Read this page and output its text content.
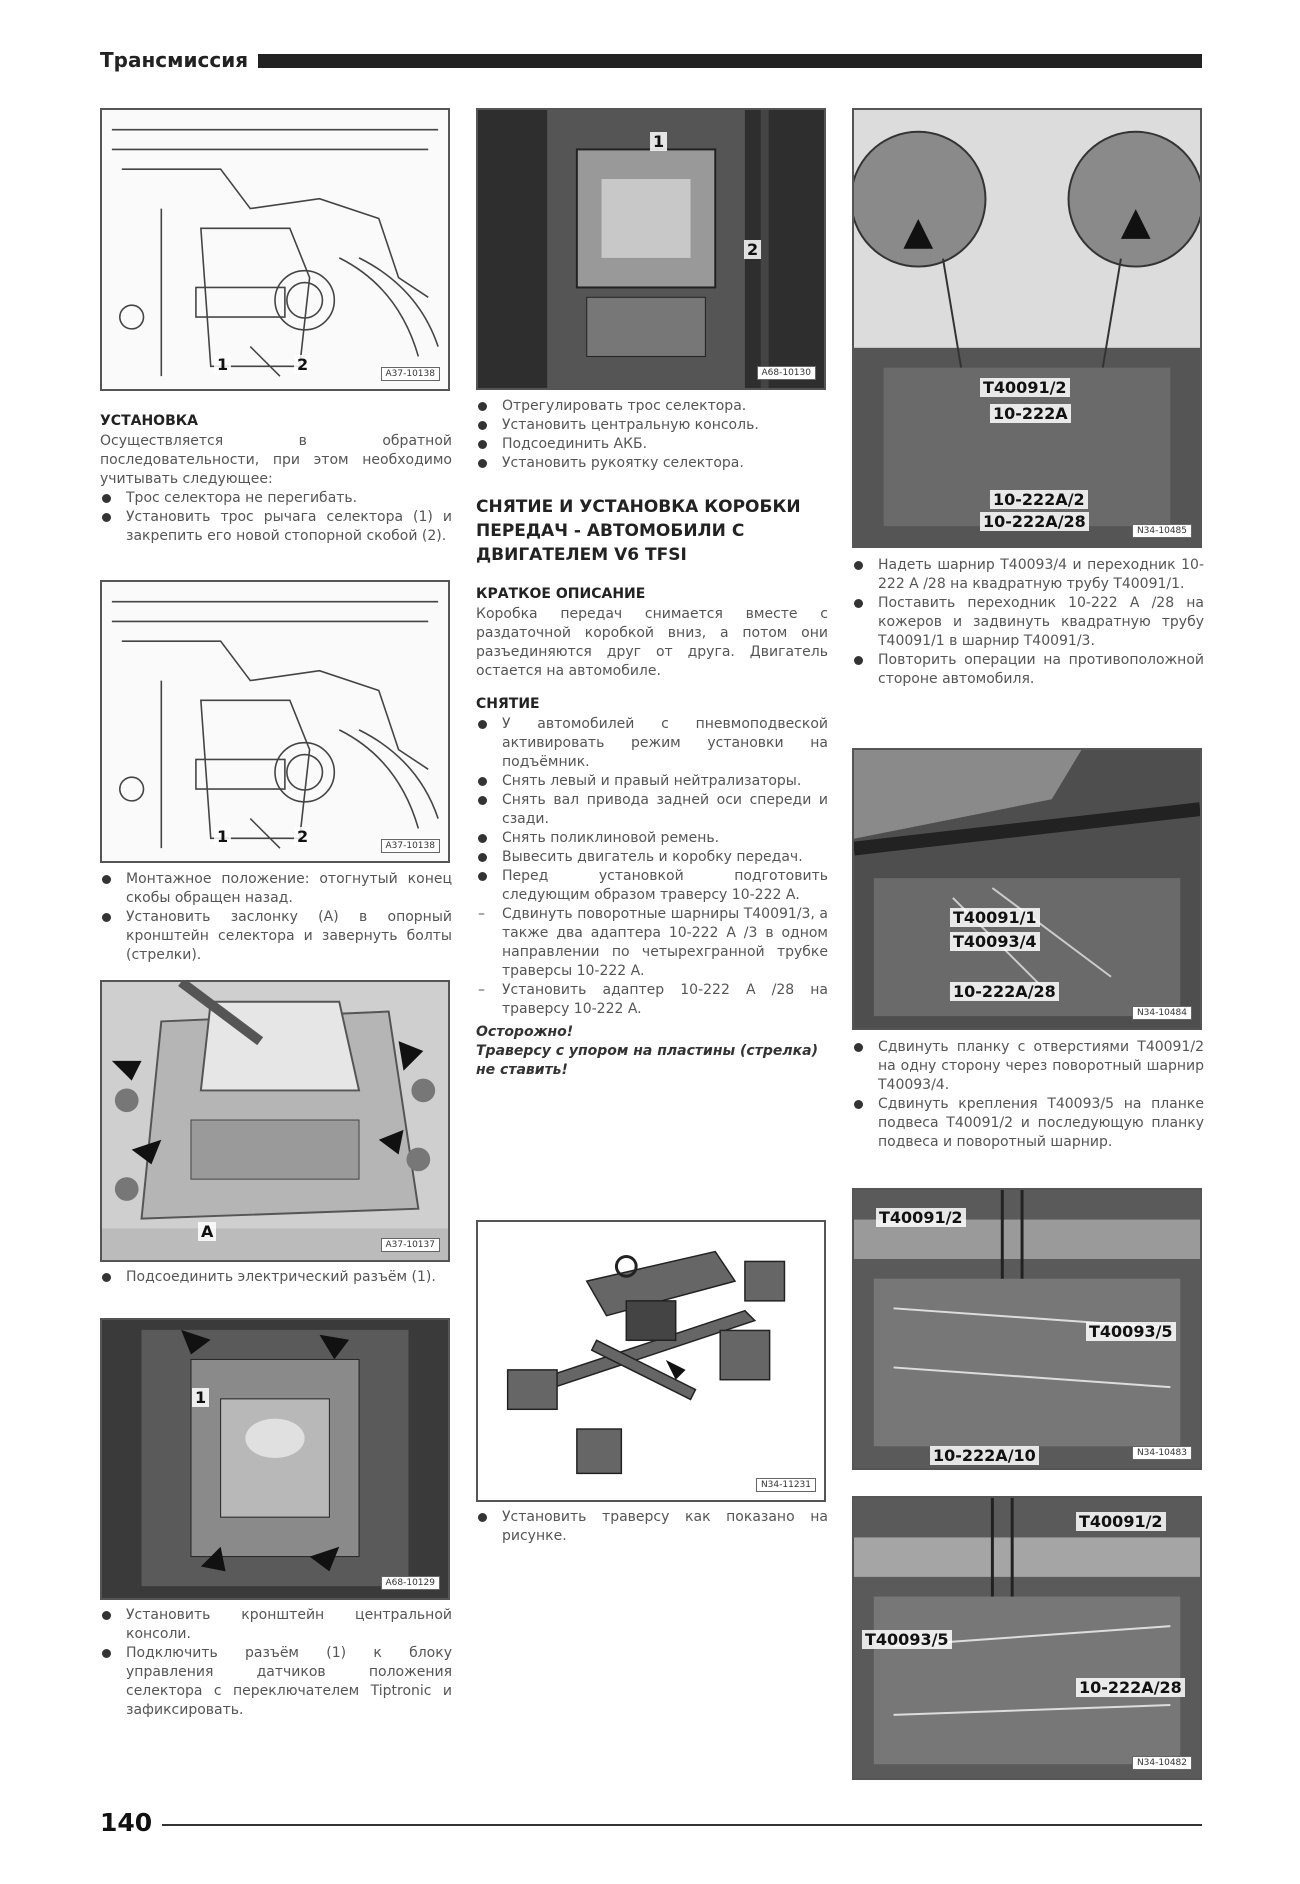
Трансмиссия
1	2	A37-10138
УСТАНОВКА

Осуществляется в обратной последовательности, при этом необходимо учитывать следующее:

Трос селектора не перегибать.
Установить трос рычага селектора (1) и закрепить его новой стопорной скобой (2).
1	2	A37-10138
Монтажное положение: отогнутый конец скобы обращен назад.
Установить заслонку (А) в опорный кронштейн селектора и завернуть болты (стрелки).
A
A37-10137
Подсоединить электрический разъём (1).
1
A68-10129
Установить кронштейн центральной консоли.
Подключить разъём (1) к блоку управления датчиков положения селектора с переключателем Tiptronic и зафиксировать.
1
2
A68-10130
Отрегулировать трос селектора.
Установить центральную консоль.
Подсоединить АКБ.
Установить рукоятку селектора.

СНЯТИЕ И УСТАНОВКА КОРОБКИ ПЕРЕДАЧ - АВТОМОБИЛИ С ДВИГАТЕЛЕМ V6 TFSI

КРАТКОЕ ОПИСАНИЕ

Коробка передач снимается вместе с раздаточной коробкой вниз, а потом они разъединяются друг от друга. Двигатель остается на автомобиле.

СНЯТИЕ
У автомобилей с пневмоподвеской активировать режим установки на подъёмник.
Снять левый и правый нейтрализаторы.
Снять вал привода задней оси спереди и сзади.
Снять поликлиновой ремень.
Вывесить двигатель и коробку передач.
Перед установкой подготовить следующим образом траверсу 10-222 А.
– Сдвинуть поворотные шарниры T40091/3, а также два адаптера 10-222 A /3 в одном направлении по четырехгранной трубке траверсы 10-222 A.
– Установить адаптер 10-222 A /28 на траверсу 10-222 A.

Осторожно!

Траверсу с упором на пластины (стрелка) не ставить!

N34-11231
Установить траверсу как показано на рисунке.
T40091/2
10-222A
10-222A/2
10-222A/28	N34-10485
Надеть шарнир T40093/4 и переходник 10-222 A /28 на квадратную трубу T40091/1.
Поставить переходник 10-222 A /28 на кожеров и задвинуть квадратную трубу T40091/1 в шарнир T40091/3.
Повторить операции на противоположной стороне автомобиля.
T40091/1
T40093/4
10-222A/28
N34-10484
Сдвинуть планку с отверстиями T40091/2 на одну сторону через поворотный шарнир T40093/4.
Сдвинуть крепления T40093/5 на планке подвеса T40091/2 и последующую планку подвеса и поворотный шарнир.
T40091/2
T40093/5
10-222A/10	N34-10483
T40091/2
T40093/5
10-222A/28
N34-10482
140
